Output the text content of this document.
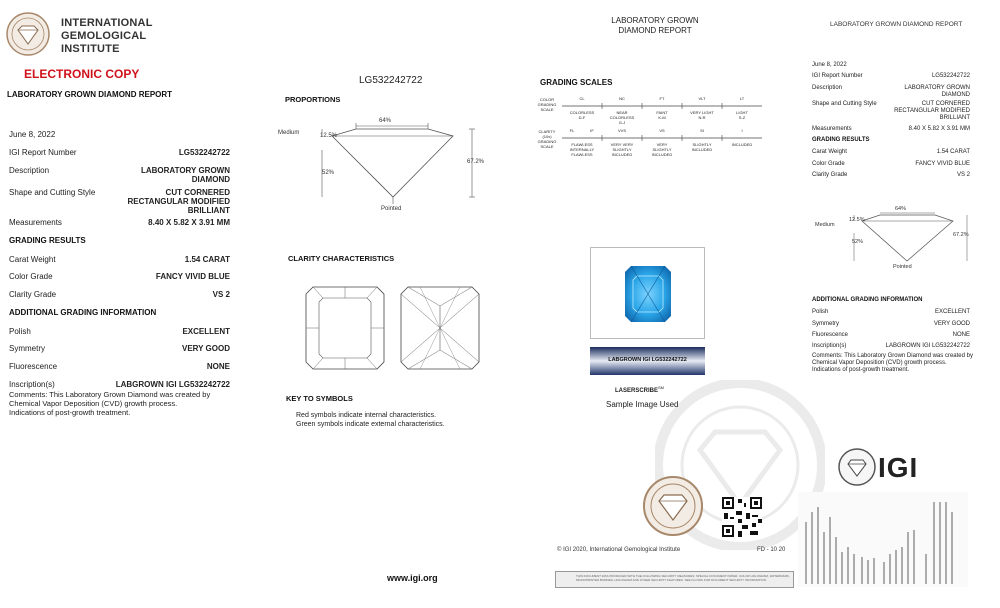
INTERNATIONAL
GEMOLOGICAL
INSTITUTE
ELECTRONIC COPY
LABORATORY GROWN DIAMOND REPORT
June 8, 2022
IGI Report Number	LG532242722
Description	LABORATORY GROWN
DIAMOND
Shape and Cutting Style	CUT CORNERED
RECTANGULAR MODIFIED
BRILLIANT
Measurements	8.40 X 5.82 X 3.91 MM
GRADING RESULTS
Carat Weight	1.54 CARAT
Color Grade	FANCY VIVID BLUE
Clarity Grade	VS 2
ADDITIONAL GRADING INFORMATION
Polish	EXCELLENT
Symmetry	VERY GOOD
Fluorescence	NONE
Inscription(s)	LABGROWN IGI LG532242722
Comments: This Laboratory Grown Diamond was created by
Chemical Vapor Deposition (CVD) growth process.
Indications of post-growth treatment.
LG532242722
PROPORTIONS
64%
12.5%
Medium
52%
67.2%
Pointed
CLARITY CHARACTERISTICS
KEY TO SYMBOLS
Red symbols indicate internal characteristics.
Green symbols indicate external characteristics.
www.igi.org
LABORATORY GROWN
DIAMOND REPORT
GRADING SCALES
COLOR
GRADING
SCALE
CL	NC	FT	VLT	LT
COLORLESS
D-F
NEAR
COLORLESS
G-J
FAINT
K-M
VERY LIGHT
N-R
LIGHT
S-Z
CLARITY (10x)
GRADING
SCALE
FL	IF	VVS	VS	SI	I
FLAWLESS
INTERNALLY
FLAWLESS
VERY VERY
SLIGHTLY
INCLUDED
VERY
SLIGHTLY
INCLUDED
SLIGHTLY
INCLUDED
INCLUDED
LABGROWN IGI LG532242722
LASERSCRIBE℠
Sample Image Used
© IGI 2020, International Gemological Institute	FD - 10 20
THIS DOCUMENT WAS PRODUCED WITH THE FOLLOWING SECURITY MEASURES: SPECIAL DOCUMENT PAPER, COLOR HOLOGRAM, WATERMARK, MICROPRINTED BORDER, HOLOGRAM AND OTHER SECURITY FEATURES. SEE IGI.ORG FOR DOCUMENT SECURITY INFORMATION.
LABORATORY GROWN DIAMOND REPORT
June 8, 2022
IGI Report Number	LG532242722
Description	LABORATORY GROWN
DIAMOND
Shape and Cutting Style	CUT CORNERED
RECTANGULAR MODIFIED
BRILLIANT
Measurements	8.40 X 5.82 X 3.91 MM
GRADING RESULTS
Carat Weight	1.54 CARAT
Color Grade	FANCY VIVID BLUE
Clarity Grade	VS 2
64%
12.5%
Medium
52%
67.2%
Pointed
ADDITIONAL GRADING INFORMATION
Polish	EXCELLENT
Symmetry	VERY GOOD
Fluorescence	NONE
Inscription(s)	LABGROWN IGI LG532242722
Comments: This Laboratory Grown Diamond was created by
Chemical Vapor Deposition (CVD) growth process.
Indications of post-growth treatment.
IGI
